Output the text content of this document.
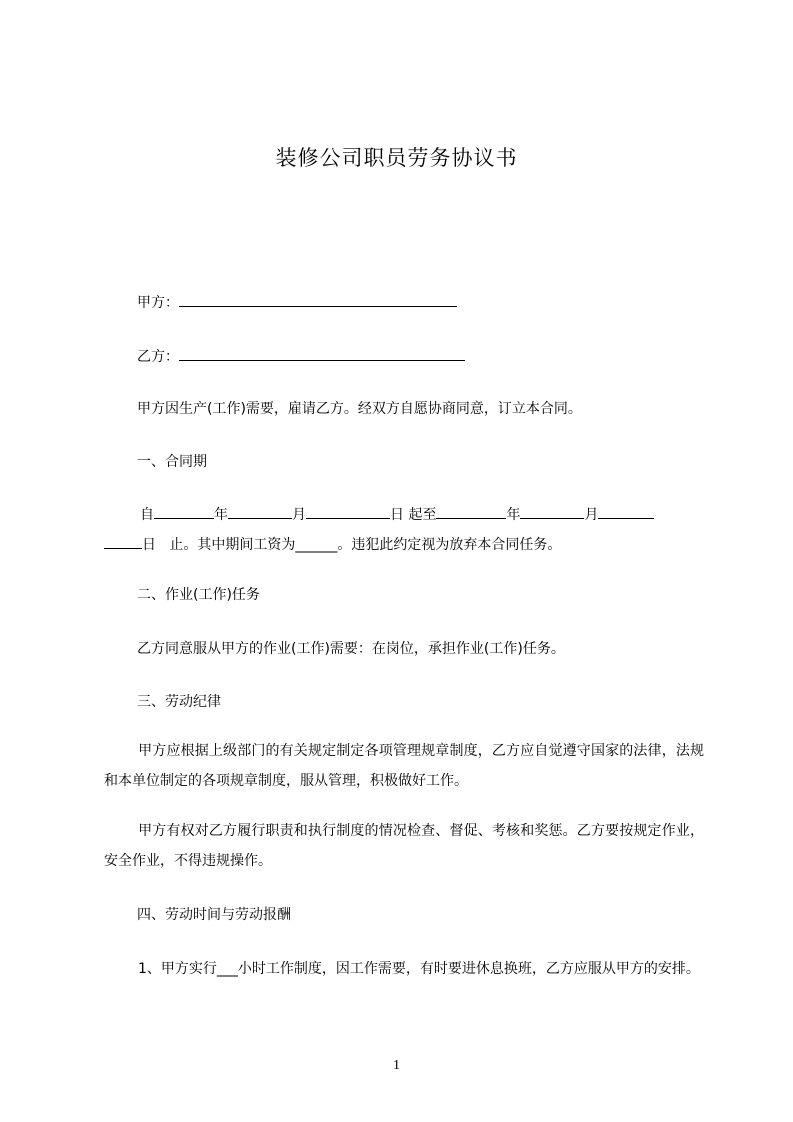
装修公司职员劳务协议书

甲方：

乙方：

甲方因生产(工作)需要，雇请乙方。经双方自愿协商同意，订立本合同。

一、合同期

自	年	月	日 起至	年	月
日 止。其中期间工资为______。违犯此约定视为放弃本合同任务。

二、作业(工作)任务

乙方同意服从甲方的作业(工作)需要：在岗位，承担作业(工作)任务。

三、劳动纪律

甲方应根据上级部门的有关规定制定各项管理规章制度，乙方应自觉遵守国家的法律，法规和本单位制定的各项规章制度，服从管理，积极做好工作。
甲方有权对乙方履行职责和执行制度的情况检查、督促、考核和奖惩。乙方要按规定作业，安全作业，不得违规操作。

四、劳动时间与劳动报酬

1、甲方实行___小时工作制度，因工作需要，有时要进休息换班，乙方应服从甲方的安排。
1
